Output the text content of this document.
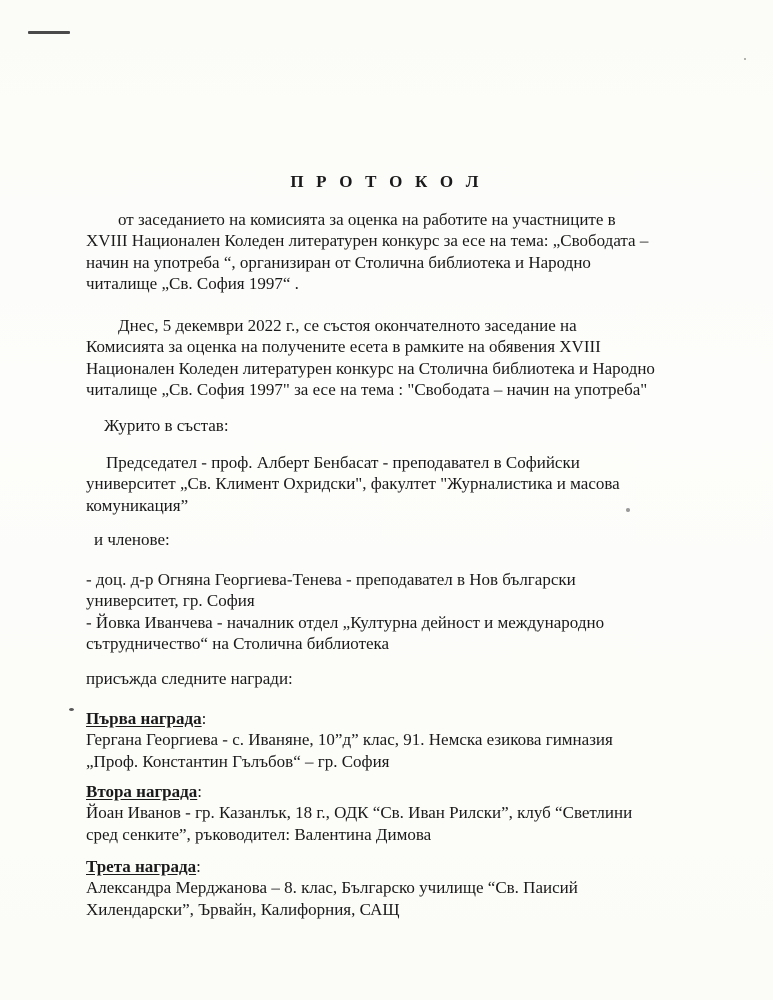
П Р О Т О К О Л
от заседанието на комисията за оценка на работите на участниците в
XVIII Национален Коледен литературен конкурс за есе на тема: „Свободата –
начин на употреба “, организиран от Столична библиотека и Народно
читалище „Св. София 1997“ .
Днес, 5 декември 2022 г., се състоя окончателното заседание на
Комисията за оценка на получените есета в рамките на обявения XVIII
Национален Коледен литературен конкурс на Столична библиотека и Народно
читалище „Св. София 1997" за есе на тема : "Свободата – начин на употреба"
Журито в състав:
Председател - проф. Алберт Бенбасат - преподавател в Софийски
университет „Св. Климент Охридски", факултет "Журналистика и масова
комуникация”
и членове:
- доц. д-р Огняна Георгиева-Тенева - преподавател в Нов български
университет, гр. София
- Йовка Иванчева - началник отдел „Културна дейност и международно
сътрудничество“ на Столична библиотека
присъжда следните награди:
Първа награда:
Гергана Георгиева - с. Иваняне, 10”д” клас, 91. Немска езикова гимназия
„Проф. Константин Гълъбов“ – гр. София
Втора награда:
Йоан Иванов - гр. Казанлък, 18 г., ОДК “Св. Иван Рилски”, клуб “Светлини
сред сенките”, ръководител: Валентина Димова
Трета награда:
Александра Мерджанова – 8. клас, Българско училище “Св. Паисий
Хилендарски”, Ървайн, Калифорния, САЩ
